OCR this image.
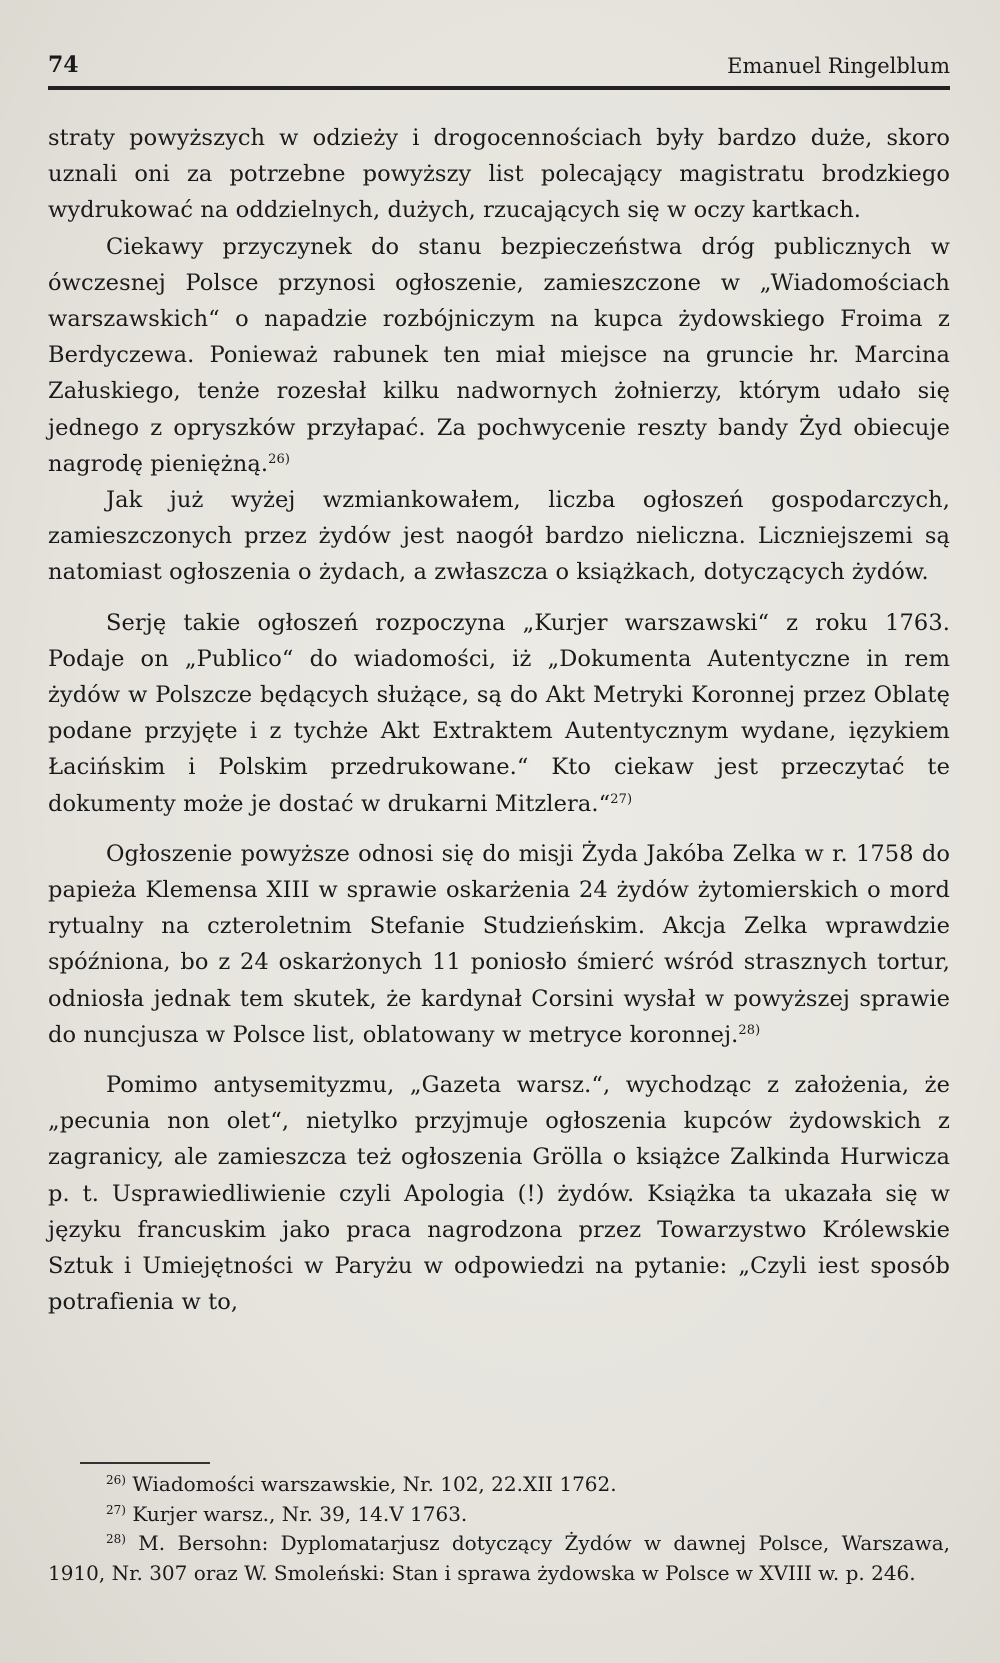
74	Emanuel Ringelblum

straty powyższych w odzieży i drogocennościach były bardzo duże, skoro uznali oni za potrzebne powyższy list polecający magistratu brodzkiego wydrukować na oddzielnych, dużych, rzucających się w oczy kartkach.

Ciekawy przyczynek do stanu bezpieczeństwa dróg publicznych w ówczesnej Polsce przynosi ogłoszenie, zamieszczone w „Wiadomościach warszawskich“ o napadzie rozbójniczym na kupca żydowskiego Froima z Berdyczewa. Ponieważ rabunek ten miał miejsce na gruncie hr. Marcina Załuskiego, tenże rozesłał kilku nadwornych żołnierzy, którym udało się jednego z opryszków przyłapać. Za pochwycenie reszty bandy Żyd obiecuje nagrodę pieniężną.$^{26)}$

Jak już wyżej wzmiankowałem, liczba ogłoszeń gospodarczych, zamieszczonych przez żydów jest naogół bardzo nieliczna. Liczniejszemi są natomiast ogłoszenia o żydach, a zwłaszcza o książkach, dotyczących żydów.

Serję takie ogłoszeń rozpoczyna „Kurjer warszawski“ z roku 1763. Podaje on „Publico“ do wiadomości, iż „Dokumenta Autentyczne in rem żydów w Polszcze będących służące, są do Akt Metryki Koronnej przez Oblatę podane przyjęte i z tychże Akt Extraktem Autentycznym wydane, ięzykiem Łacińskim i Polskim przedrukowane.“ Kto ciekaw jest przeczytać te dokumenty może je dostać w drukarni Mitzlera.“$^{27)}$

Ogłoszenie powyższe odnosi się do misji Żyda Jakóba Zelka w r. 1758 do papieża Klemensa XIII w sprawie oskarżenia 24 żydów żytomierskich o mord rytualny na czteroletnim Stefanie Studzieńskim. Akcja Zelka wprawdzie spóźniona, bo z 24 oskarżonych 11 poniosło śmierć wśród strasznych tortur, odniosła jednak tem skutek, że kardynał Corsini wysłał w powyższej sprawie do nuncjusza w Polsce list, oblatowany w metryce koronnej.$^{28)}$

Pomimo antysemityzmu, „Gazeta warsz.“, wychodząc z założenia, że „pecunia non olet“, nietylko przyjmuje ogłoszenia kupców żydowskich z zagranicy, ale zamieszcza też ogłoszenia Grölla o książce Zalkinda Hurwicza p. t. Usprawiedliwienie czyli Apologia (!) żydów. Książka ta ukazała się w języku francuskim jako praca nagrodzona przez Towarzystwo Królewskie Sztuk i Umiejętności w Paryżu w odpowiedzi na pytanie: „Czyli iest sposób potrafienia w to,

$^{26)}$ Wiadomości warszawskie, Nr. 102, 22.XII 1762.

$^{27)}$ Kurjer warsz., Nr. 39, 14.V 1763.

$^{28)}$ M. Bersohn: Dyplomatarjusz dotyczący Żydów w dawnej Polsce, Warszawa, 1910, Nr. 307 oraz W. Smoleński: Stan i sprawa żydowska w Polsce w XVIII w. p. 246.
